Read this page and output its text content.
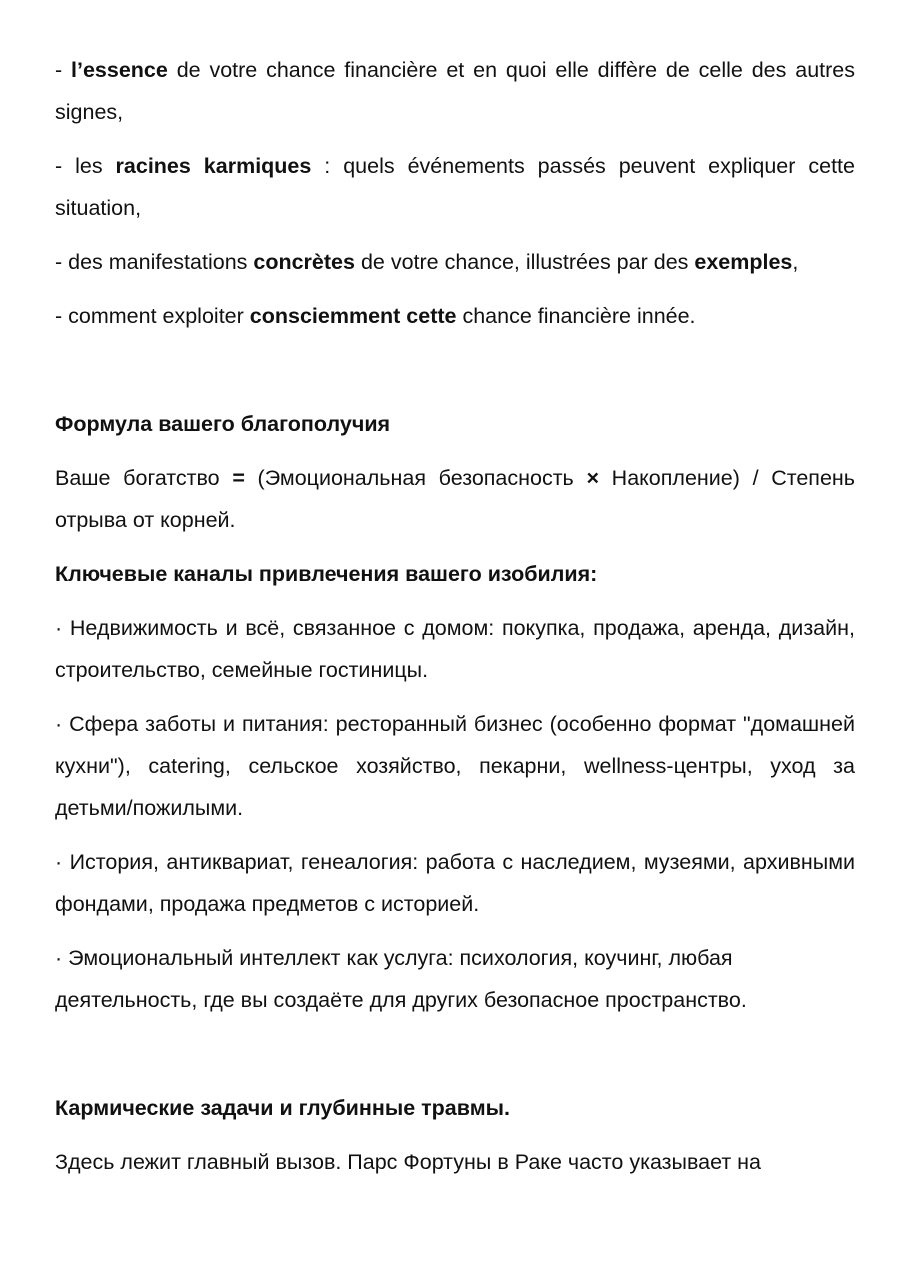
- l’essence de votre chance financière et en quoi elle diffère de celle des autres signes,

- les racines karmiques : quels événements passés peuvent expliquer cette situation,

- des manifestations concrètes de votre chance, illustrées par des exemples,

- comment exploiter consciemment cette chance financière innée.

Формула вашего благополучия

Ваше богатство = (Эмоциональная безопасность × Накопление) / Степень отрыва от корней.

Ключевые каналы привлечения вашего изобилия:

· Недвижимость и всё, связанное с домом: покупка, продажа, аренда, дизайн, строительство, семейные гостиницы.

· Сфера заботы и питания: ресторанный бизнес (особенно формат "домашней кухни"), catering, сельское хозяйство, пекарни, wellness-центры, уход за детьми/пожилыми.

· История, антиквариат, генеалогия: работа с наследием, музеями, архивными фондами, продажа предметов с историей.

· Эмоциональный интеллект как услуга: психология, коучинг, любая деятельность, где вы создаёте для других безопасное пространство.

Кармические задачи и глубинные травмы.

Здесь лежит главный вызов. Парс Фортуны в Раке часто указывает на
